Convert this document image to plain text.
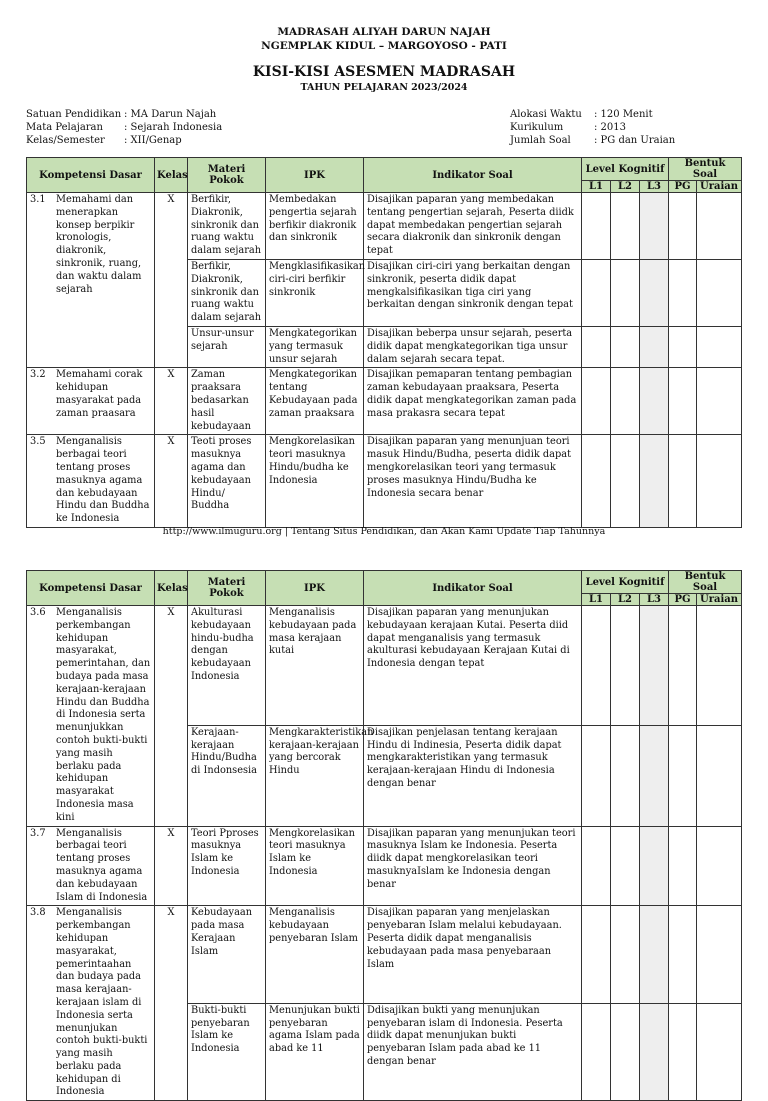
MADRASAH ALIYAH DARUN NAJAH
NGEMPLAK KIDUL – MARGOYOSO - PATI
KISI-KISI ASESMEN MADRASAH
TAHUN PELAJARAN 2023/2024
Satuan Pendidikan : MA Darun Najah
Mata Pelajaran : Sejarah Indonesia
Kelas/Semester : XII/Genap
Alokasi Waktu : 120 Menit
Kurikulum	: 2013
Jumlah Soal : PG dan Uraian
Kompetensi Dasar	Kelas	Materi Pokok	IPK	Indikator Soal	Level Kognitif			Bentuk Soal	
					L1	L2	L3	PG	Uraian

3.1 Memahami dan menerapkan konsep berpikir kronologis, diakronik, sinkronik, ruang, dan waktu dalam sejarah	X	Berfikir, Diakronik, sinkronik dan ruang waktu dalam sejarah	Membedakan pengertia sejarah berfikir diakronik dan sinkronik	Disajikan paparan yang membedakan tentang pengertian sejarah, Peserta diidk dapat membedakan pengertian sejarah secara diakronik dan sinkronik dengan tepat					
		Berfikir, Diakronik, sinkronik dan ruang waktu dalam sejarah	Mengklasifikasikan ciri-ciri berfikir sinkronik	Disajikan ciri-ciri yang berkaitan dengan sinkronik, peserta didik dapat mengkalsifikasikan tiga ciri yang berkaitan dengan sinkronik dengan tepat					
		Unsur-unsur sejarah	Mengkategorikan yang termasuk unsur sejarah	Disajikan beberpa unsur sejarah, peserta didik dapat mengkategorikan tiga unsur dalam sejarah secara tepat.					

3.2 Memahami corak kehidupan masyarakat pada zaman praasara	X	Zaman praaksara bedasarkan hasil kebudayaan	Mengkategorikan tentang Kebudayaan pada zaman praaksara	Disajikan pemaparan tentang pembagian zaman kebudayaan praaksara, Peserta didik dapat mengkategorikan zaman pada masa prakasra secara tepat					

3.5 Menganalisis berbagai teori tentang proses masuknya agama dan kebudayaan Hindu dan Buddha ke Indonesia	X	Teoti proses masuknya agama dan kebudayaan Hindu/ Buddha	Mengkorelasikan teori masuknya Hindu/budha ke Indonesia	Disajikan paparan yang menunjuan teori masuk Hindu/Budha, peserta didik dapat mengkorelasikan teori yang termasuk proses masuknya Hindu/Budha ke Indonesia secara benar					
http://www.ilmuguru.org | Tentang Situs Pendidikan, dan Akan Kami Update Tiap Tahunnya
Kompetensi Dasar	Kelas	Materi Pokok	IPK	Indikator Soal	Level Kognitif			Bentuk Soal	
					L1	L2	L3	PG	Uraian

3.6 Menganalisis perkembangan kehidupan masyarakat, pemerintahan, dan budaya pada masa kerajaan-kerajaan Hindu dan Buddha di Indonesia serta menunjukkan contoh bukti-bukti yang masih berlaku pada kehidupan masyarakat Indonesia masa kini	X	Akulturasi kebudayaan hindu-budha dengan kebudayaan Indonesia	Menganalisis kebudayaan pada masa kerajaan kutai	Disajikan paparan yang menunjukan kebudayaan kerajaan Kutai. Peserta diid dapat menganalisis yang termasuk akulturasi kebudayaan Kerajaan Kutai di Indonesia dengan tepat					
		Kerajaan-kerajaan Hindu/Budha di Indonsesia	Mengkarakteristikan kerajaan-kerajaan yang bercorak Hindu	Disajikan penjelasan tentang kerajaan Hindu di Indinesia, Peserta didik dapat mengkarakteristikan yang termasuk kerajaan-kerajaan Hindu di Indonesia dengan benar					

3.7 Menganalisis berbagai teori tentang proses masuknya agama dan kebudayaan Islam di Indonesia	X	Teori Pproses masuknya Islam ke Indonesia	Mengkorelasikan teori masuknya Islam ke Indonesia	Disajikan paparan yang menunjukan teori masuknya Islam ke Indonesia. Peserta diidk dapat mengkorelasikan teori masuknyaIslam ke Indonesia dengan benar					

3.8 Menganalisis perkembangan kehidupan masyarakat, pemerintaahan dan budaya pada masa kerajaan-kerajaan islam di Indonesia serta menunjukan contoh bukti-bukti yang masih berlaku pada kehidupan di Indonesia	X	Kebudayaan pada masa Kerajaan Islam	Menganalisis kebudayaan penyebaran Islam	Disajikan paparan yang menjelaskan penyebaran Islam melalui kebudayaan. Peserta didik dapat menganalisis kebudayaan pada masa penyebaraan Islam					
		Bukti-bukti penyebaran Islam ke Indonesia	Menunjukan bukti penyebaran agama Islam pada abad ke 11	Ddisajikan bukti yang menunjukan penyebaran islam di Indonesia. Peserta diidk dapat menunjukan bukti penyebaran Islam pada abad ke 11 dengan benar					
